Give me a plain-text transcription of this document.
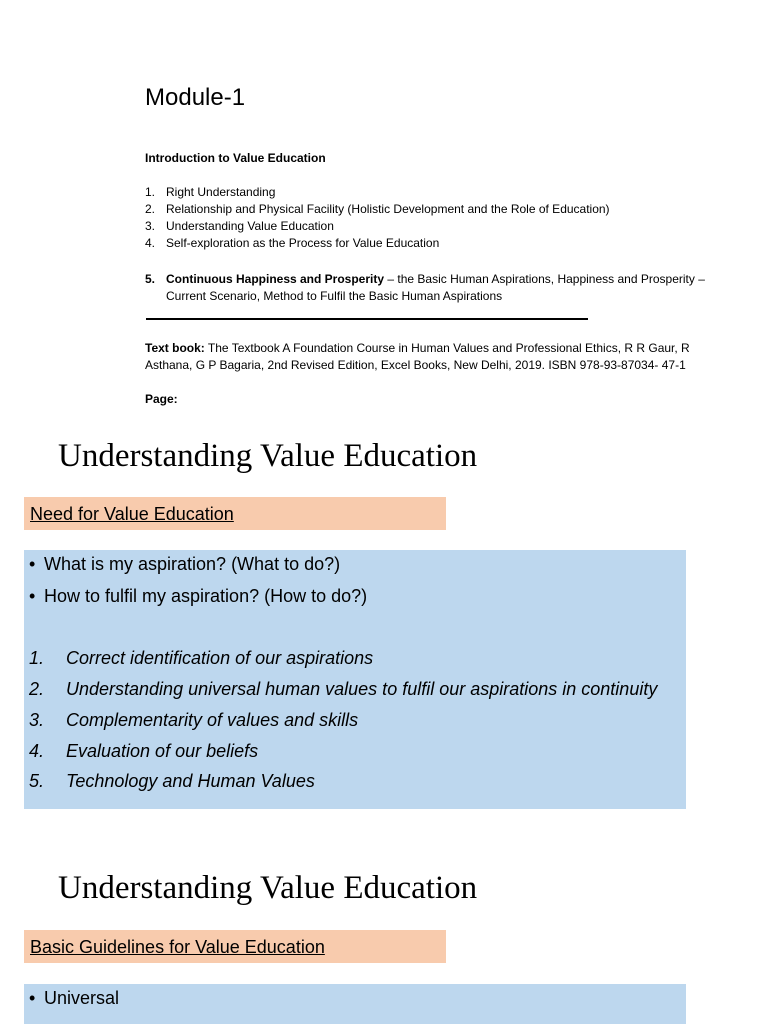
Module-1
Introduction to Value Education
1. Right Understanding
2. Relationship and Physical Facility (Holistic Development and the Role of Education)
3. Understanding Value Education
4. Self-exploration as the Process for Value Education
5. Continuous Happiness and Prosperity – the Basic Human Aspirations, Happiness and Prosperity – Current Scenario, Method to Fulfil the Basic Human Aspirations
Text book: The Textbook A Foundation Course in Human Values and Professional Ethics, R R Gaur, R Asthana, G P Bagaria, 2nd Revised Edition, Excel Books, New Delhi, 2019. ISBN 978-93-87034- 47-1
Page:
Understanding Value Education
Need for Value Education
• What is my aspiration? (What to do?)
• How to fulfil my aspiration? (How to do?)
1.	Correct identification of our aspirations
2.	Understanding universal human values to fulfil our aspirations in continuity
3.	Complementarity of values and skills
4.	Evaluation of our beliefs
5.	Technology and Human Values
Understanding Value Education
Basic Guidelines for Value Education
• Universal
